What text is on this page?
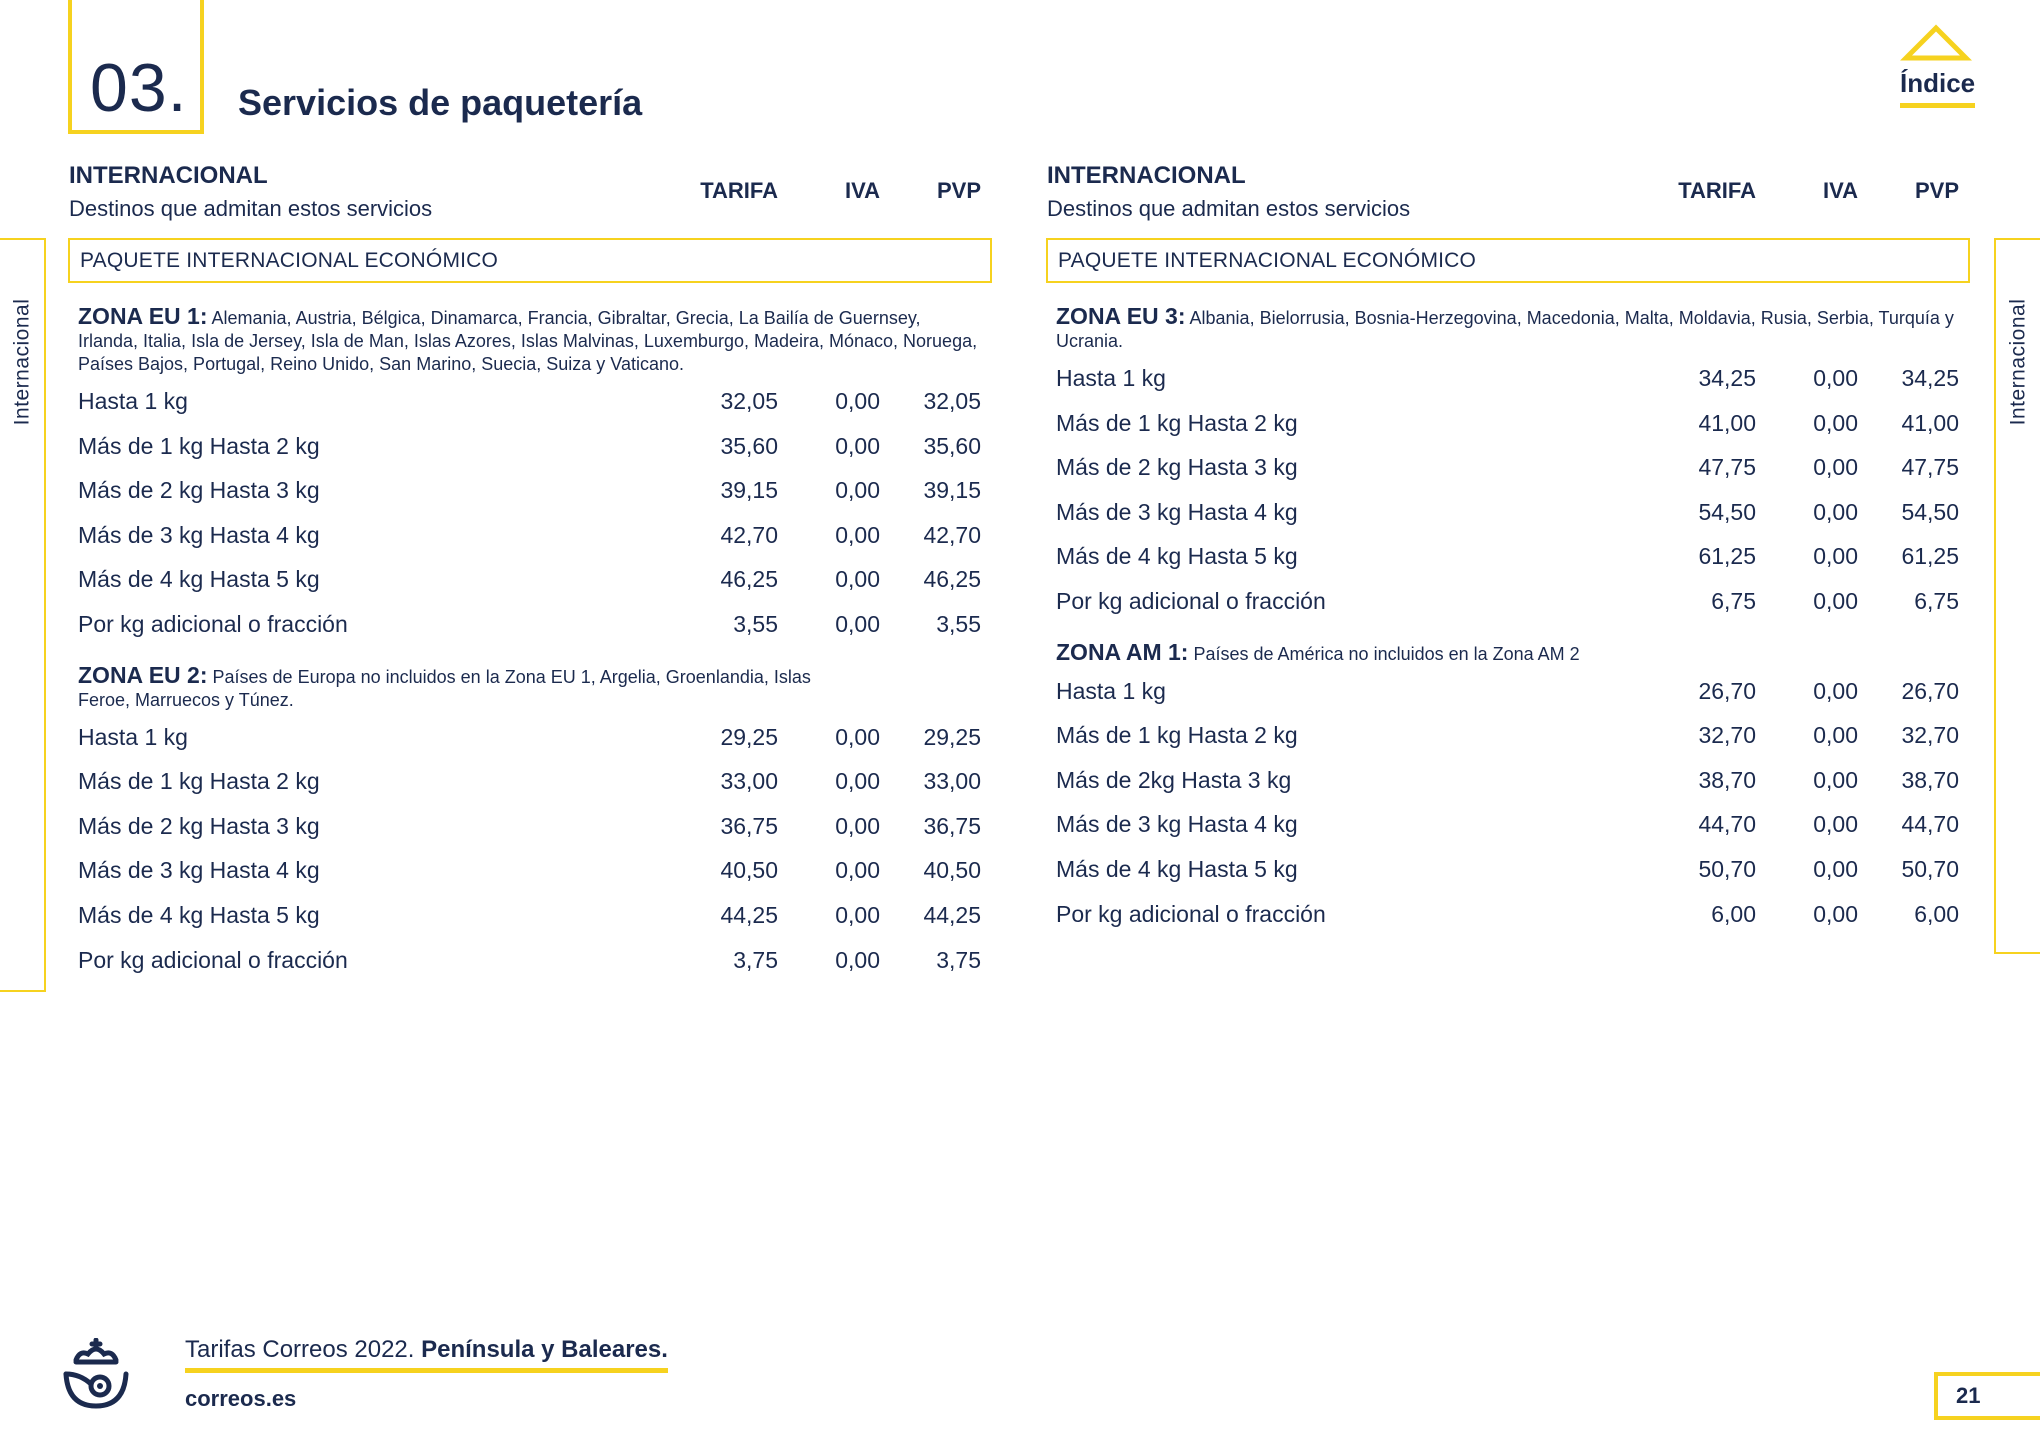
03. Servicios de paquetería	Índice
Internacional	Internacional
INTERNACIONAL
Destinos que admitan estos servicios
TARIFA	IVA	PVP
PAQUETE INTERNACIONAL ECONÓMICO
ZONA EU 1: Alemania, Austria, Bélgica, Dinamarca, Francia, Gibraltar, Grecia, La Bailía de Guernsey, Irlanda, Italia, Isla de Jersey, Isla de Man, Islas Azores, Islas Malvinas, Luxemburgo, Madeira, Mónaco, Noruega, Países Bajos, Portugal, Reino Unido, San Marino, Suecia, Suiza y Vaticano.
Hasta 1 kg	32,05 0,00 32,05
Más de 1 kg Hasta 2 kg	35,60 0,00 35,60
Más de 2 kg Hasta 3 kg	39,15 0,00 39,15
Más de 3 kg Hasta 4 kg	42,70 0,00 42,70
Más de 4 kg Hasta 5 kg	46,25 0,00 46,25
Por kg adicional o fracción	3,55 0,00 3,55
ZONA EU 2: Países de Europa no incluidos en la Zona EU 1, Argelia, Groenlandia, Islas Feroe, Marruecos y Túnez.
Hasta 1 kg	29,25 0,00 29,25
Más de 1 kg Hasta 2 kg	33,00 0,00 33,00
Más de 2 kg Hasta 3 kg	36,75 0,00 36,75
Más de 3 kg Hasta 4 kg	40,50 0,00 40,50
Más de 4 kg Hasta 5 kg	44,25 0,00 44,25
Por kg adicional o fracción	3,75 0,00 3,75
INTERNACIONAL
Destinos que admitan estos servicios
TARIFA	IVA	PVP
PAQUETE INTERNACIONAL ECONÓMICO
ZONA EU 3: Albania, Bielorrusia, Bosnia-Herzegovina, Macedonia, Malta, Moldavia, Rusia, Serbia, Turquía y Ucrania.
Hasta 1 kg	34,25 0,00 34,25
Más de 1 kg Hasta 2 kg	41,00 0,00 41,00
Más de 2 kg Hasta 3 kg	47,75 0,00 47,75
Más de 3 kg Hasta 4 kg	54,50 0,00 54,50
Más de 4 kg Hasta 5 kg	61,25 0,00 61,25
Por kg adicional o fracción	6,75 0,00 6,75
ZONA AM 1: Países de América no incluidos en la Zona AM 2
Hasta 1 kg	26,70 0,00 26,70
Más de 1 kg Hasta 2 kg	32,70 0,00 32,70
Más de 2kg Hasta 3 kg	38,70 0,00 38,70
Más de 3 kg Hasta 4 kg	44,70 0,00 44,70
Más de 4 kg Hasta 5 kg	50,70 0,00 50,70
Por kg adicional o fracción	6,00 0,00 6,00
Tarifas Correos 2022. Península y Baleares.
correos.es	21
